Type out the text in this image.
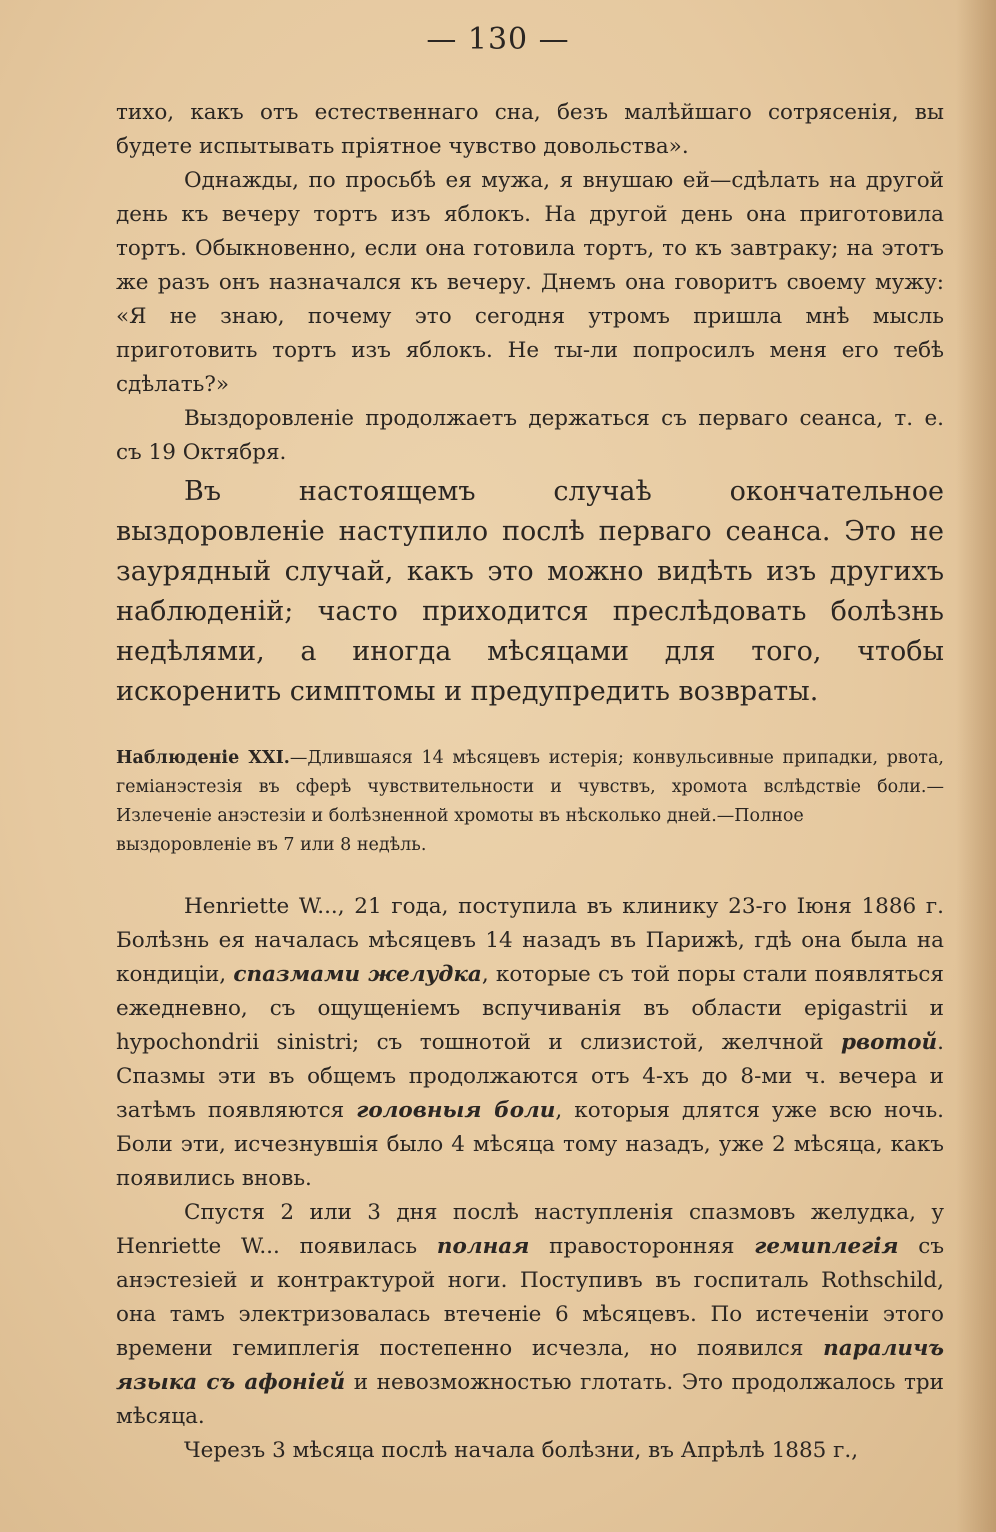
— 130 —

тихо, какъ отъ естественнаго сна, безъ малѣйшаго сотрясенія, вы будете испытывать пріятное чувство довольства».

Однажды, по просьбѣ ея мужа, я внушаю ей—сдѣлать на другой день къ вечеру тортъ изъ яблокъ. На другой день она приготовила тортъ. Обыкновенно, если она готовила тортъ, то къ завтраку; на этотъ же разъ онъ назначался къ вечеру. Днемъ она говоритъ своему мужу: «Я не знаю, почему это сегодня утромъ пришла мнѣ мысль приготовить тортъ изъ яблокъ. Не ты-ли попросилъ меня его тебѣ сдѣлать?»

Выздоровленіе продолжаетъ держаться съ перваго сеанса, т. е. съ 19 Октября.

Въ настоящемъ случаѣ окончательное выздоровленіе наступило послѣ перваго сеанса. Это не заурядный случай, какъ это можно видѣть изъ другихъ наблюденій; часто приходится преслѣдовать болѣзнь недѣлями, а иногда мѣсяцами для того, чтобы искоренить симптомы и предупредить возвраты.

Наблюденіе XXI.—Длившаяся 14 мѣсяцевъ истерія; конвульсивные припадки, рвота, геміанэстезія въ сферѣ чувствительности и чувствъ, хромота вслѣдствіе боли.—Излеченіе анэстезіи и болѣзненной хромоты въ нѣсколько дней.—Полное

выздоровленіе въ 7 или 8 недѣль.

Henriette W..., 21 года, поступила въ клинику 23-го Іюня 1886 г. Болѣзнь ея началась мѣсяцевъ 14 назадъ въ Парижѣ, гдѣ она была на кондиціи, спазмами желудка, которые съ той поры стали появляться ежедневно, съ ощущеніемъ вспучиванія въ области epigastrii и hypochondrii sinistri; съ тошнотой и слизистой, желчной рвотой. Спазмы эти въ общемъ продолжаются отъ 4-хъ до 8-ми ч. вечера и затѣмъ появляются головныя боли, которыя длятся уже всю ночь. Боли эти, исчезнувшія было 4 мѣсяца тому назадъ, уже 2 мѣсяца, какъ появились вновь.

Спустя 2 или 3 дня послѣ наступленія спазмовъ желудка, у Henriette W... появилась полная правосторонняя гемиплегія съ анэстезіей и контрактурой ноги. Поступивъ въ госпиталь Rothschild, она тамъ электризовалась втеченіе 6 мѣсяцевъ. По истеченіи этого времени гемиплегія постепенно исчезла, но появился параличъ языка съ афоніей и невозможностью глотать. Это продолжалось три мѣсяца.

Черезъ 3 мѣсяца послѣ начала болѣзни, въ Апрѣлѣ 1885 г.,
